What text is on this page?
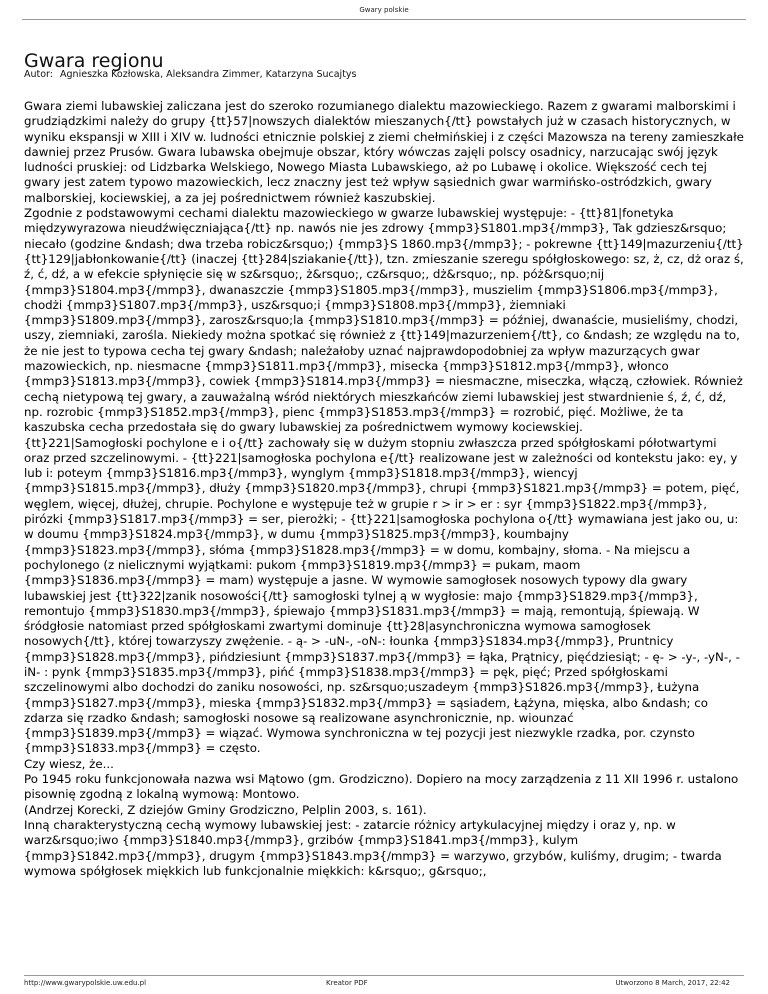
Gwary polskie
Gwara regionu
Autor: Agnieszka Kozłowska, Aleksandra Zimmer, Katarzyna Sucajtys

Gwara ziemi lubawskiej zaliczana jest do szeroko rozumianego dialektu mazowieckiego. Razem z gwarami malborskimi i grudziądzkimi należy do grupy {tt}57|nowszych dialektów mieszanych{/tt} powstałych już w czasach historycznych, w wyniku ekspansji w XIII i XIV w. ludności etnicznie polskiej z ziemi chełmińskiej i z części Mazowsza na tereny zamieszkałe dawniej przez Prusów. Gwara lubawska obejmuje obszar, który wówczas zajęli polscy osadnicy, narzucając swój język ludności pruskiej: od Lidzbarka Welskiego, Nowego Miasta Lubawskiego, aż po Lubawę i okolice. Większość cech tej gwary jest zatem typowo mazowieckich, lecz znaczny jest też wpływ sąsiednich gwar warmińsko-ostródzkich, gwary malborskiej, kociewskiej, a za jej pośrednictwem również kaszubskiej.

Zgodnie z podstawowymi cechami dialektu mazowieckiego w gwarze lubawskiej występuje: - {tt}81|fonetyka międzywyrazowa nieudźwięczniająca{/tt} np. nawós nie jes zdrowy {mmp3}S1801.mp3{/mmp3}, Tak gdziesz&rsquo; niecało (godzine &ndash; dwa trzeba robicz&rsquo;) {mmp3}S 1860.mp3{/mmp3}; - pokrewne {tt}149|mazurzeniu{/tt} {tt}129|jabłonkowanie{/tt} (inaczej {tt}284|sziakanie{/tt}), tzn. zmieszanie szeregu spółgłoskowego: sz, ż, cz, dż oraz ś, ź, ć, dź, a w efekcie spłynięcie się w sz&rsquo;, ż&rsquo;, cz&rsquo;, dż&rsquo;, np. póż&rsquo;nij {mmp3}S1804.mp3{/mmp3}, dwanaszczie {mmp3}S1805.mp3{/mmp3}, muszielim {mmp3}S1806.mp3{/mmp3}, chodżi {mmp3}S1807.mp3{/mmp3}, usz&rsquo;i {mmp3}S1808.mp3{/mmp3}, żiemniaki {mmp3}S1809.mp3{/mmp3}, zarosz&rsquo;la {mmp3}S1810.mp3{/mmp3} = później, dwanaście, musieliśmy, chodzi, uszy, ziemniaki, zarośla. Niekiedy można spotkać się również z {tt}149|mazurzeniem{/tt}, co &ndash; ze względu na to, że nie jest to typowa cecha tej gwary &ndash; należałoby uznać najprawdopodobniej za wpływ mazurzących gwar mazowieckich, np. niesmacne {mmp3}S1811.mp3{/mmp3}, misecka {mmp3}S1812.mp3{/mmp3}, włonco {mmp3}S1813.mp3{/mmp3}, cowiek {mmp3}S1814.mp3{/mmp3} = niesmaczne, miseczka, włączą, człowiek. Również cechą nietypową tej gwary, a zauważalną wśród niektórych mieszkańców ziemi lubawskiej jest stwardnienie ś, ź, ć, dź, np. rozrobic {mmp3}S1852.mp3{/mmp3}, pienc {mmp3}S1853.mp3{/mmp3} = rozrobić, pięć. Możliwe, że ta kaszubska cecha przedostała się do gwary lubawskiej za pośrednictwem wymowy kociewskiej.

{tt}221|Samogłoski pochylone e i o{/tt} zachowały się w dużym stopniu zwłaszcza przed spółgłoskami półotwartymi oraz przed szczelinowymi. - {tt}221|samogłoska pochylona e{/tt} realizowane jest w zależności od kontekstu jako: ey, y lub i: poteym {mmp3}S1816.mp3{/mmp3}, wynglym {mmp3}S1818.mp3{/mmp3}, wiencyj {mmp3}S1815.mp3{/mmp3}, dłuży {mmp3}S1820.mp3{/mmp3}, chrupi {mmp3}S1821.mp3{/mmp3} = potem, pięć, węglem, więcej, dłużej, chrupie. Pochylone e występuje też w grupie r > ir > er : syr {mmp3}S1822.mp3{/mmp3}, pirózki {mmp3}S1817.mp3{/mmp3} = ser, pierożki; - {tt}221|samogłoska pochylona o{/tt} wymawiana jest jako ou, u: w doumu {mmp3}S1824.mp3{/mmp3}, w dumu {mmp3}S1825.mp3{/mmp3}, koumbajny {mmp3}S1823.mp3{/mmp3}, słóma {mmp3}S1828.mp3{/mmp3} = w domu, kombajny, słoma. - Na miejscu a pochylonego (z nielicznymi wyjątkami: pukom {mmp3}S1819.mp3{/mmp3} = pukam, maom {mmp3}S1836.mp3{/mmp3} = mam) występuje a jasne. W wymowie samogłosek nosowych typowy dla gwary lubawskiej jest {tt}322|zanik nosowości{/tt} samogłoski tylnej ą w wygłosie: majo {mmp3}S1829.mp3{/mmp3}, remontujo {mmp3}S1830.mp3{/mmp3}, śpiewajo {mmp3}S1831.mp3{/mmp3} = mają, remontują, śpiewają. W śródgłosie natomiast przed spółgłoskami zwartymi dominuje {tt}28|asynchroniczna wymowa samogłosek nosowych{/tt}, której towarzyszy zwężenie. - ą- > -uN-, -oN-: łounka {mmp3}S1834.mp3{/mmp3}, Pruntnicy {mmp3}S1828.mp3{/mmp3}, pińdziesiunt {mmp3}S1837.mp3{/mmp3} = łąka, Prątnicy, pięćdziesiąt; - ę- > -y-, -yN-, -iN- : pynk {mmp3}S1835.mp3{/mmp3}, pińć {mmp3}S1838.mp3{/mmp3} = pęk, pięć; Przed spółgłoskami szczelinowymi albo dochodzi do zaniku nosowości, np. sz&rsquo;uszadeym {mmp3}S1826.mp3{/mmp3}, Łużyna {mmp3}S1827.mp3{/mmp3}, mieska {mmp3}S1832.mp3{/mmp3} = sąsiadem, Łążyna, mięska, albo &ndash; co zdarza się rzadko &ndash; samogłoski nosowe są realizowane asynchronicznie, np. wiounzać {mmp3}S1839.mp3{/mmp3} = wiązać. Wymowa synchroniczna w tej pozycji jest niezwykle rzadka, por. czynsto {mmp3}S1833.mp3{/mmp3} = często.

Czy wiesz, że...

Po 1945 roku funkcjonowała nazwa wsi Mątowo (gm. Grodziczno). Dopiero na mocy zarządzenia z 11 XII 1996 r. ustalono pisownię zgodną z lokalną wymową: Montowo.

(Andrzej Korecki, Z dziejów Gminy Grodziczno, Pelplin 2003, s. 161).

Inną charakterystyczną cechą wymowy lubawskiej jest: - zatarcie różnicy artykulacyjnej między i oraz y, np. w warz&rsquo;iwo {mmp3}S1840.mp3{/mmp3}, grzibów {mmp3}S1841.mp3{/mmp3}, kulym {mmp3}S1842.mp3{/mmp3}, drugym {mmp3}S1843.mp3{/mmp3} = warzywo, grzybów, kuliśmy, drugim; - twarda wymowa spółgłosek miękkich lub funkcjonalnie miękkich: k&rsquo;, g&rsquo;,

http://www.gwarypolskie.uw.edu.pl	Kreator PDF	Utworzono 8 March, 2017, 22:42
